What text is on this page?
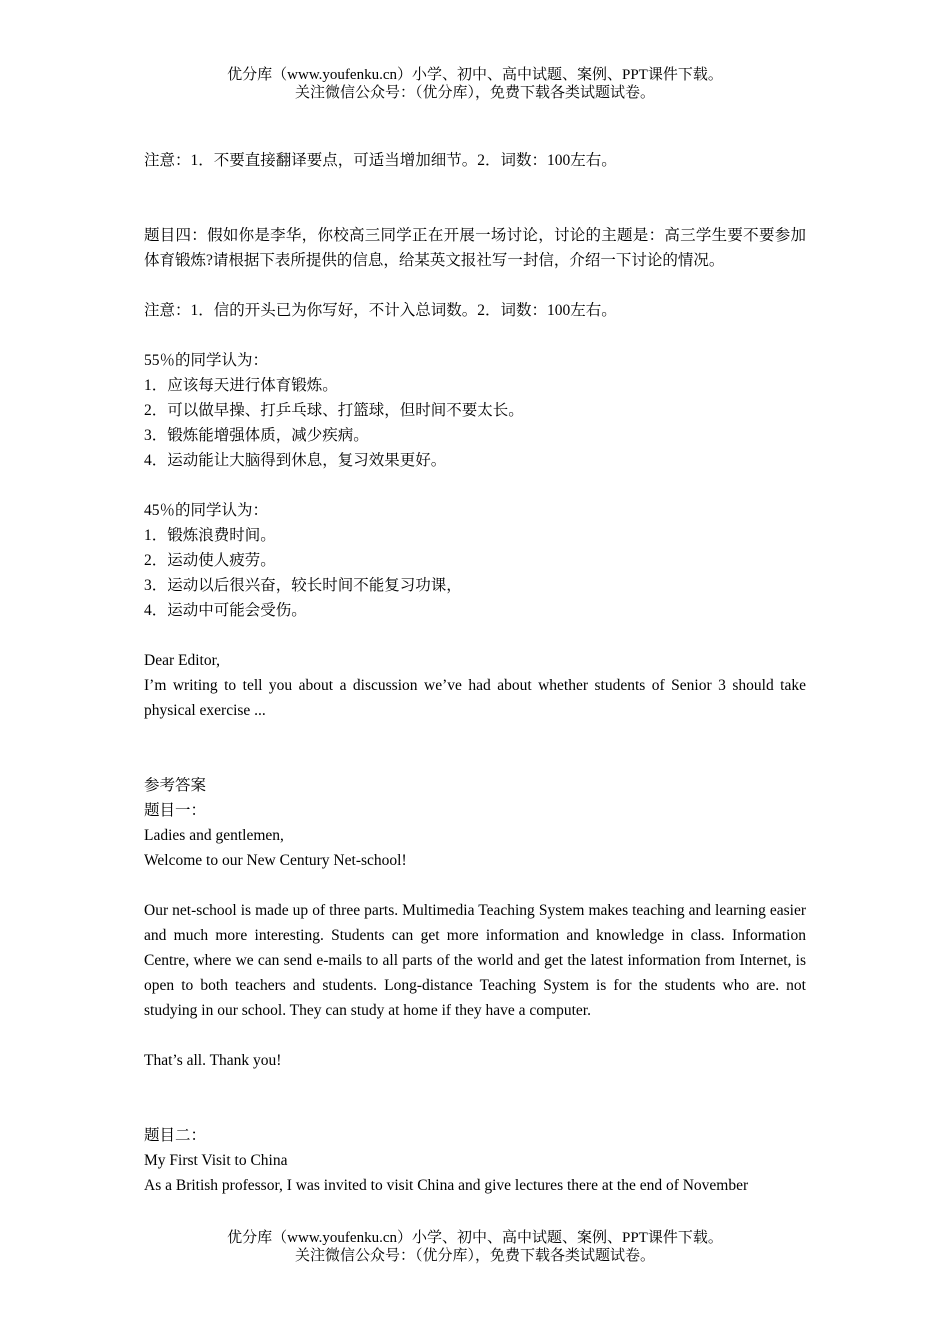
优分库（www.youfenku.cn）小学、初中、高中试题、案例、PPT课件下载。
关注微信公众号：（优分库），免费下载各类试题试卷。

注意：1．不要直接翻译要点，可适当增加细节。2．词数：100左右。

题目四：假如你是李华，你校高三同学正在开展一场讨论，讨论的主题是：高三学生要不要参加体育锻炼?请根据下表所提供的信息，给某英文报社写一封信，介绍一下讨论的情况。

注意：1．信的开头已为你写好，不计入总词数。2．词数：100左右。

55％的同学认为：

1．应该每天进行体育锻炼。

2．可以做早操、打乒乓球、打篮球，但时间不要太长。

3．锻炼能增强体质，减少疾病。

4．运动能让大脑得到休息，复习效果更好。

45％的同学认为：

1．锻炼浪费时间。

2．运动使人疲劳。

3．运动以后很兴奋，较长时间不能复习功课，

4．运动中可能会受伤。

Dear Editor,

I’m writing to tell you about a discussion we’ve had about whether students of Senior 3 should take physical exercise ...

参考答案

题目一：

Ladies and gentlemen,

Welcome to our New Century Net-school!

Our net-school is made up of three parts. Multimedia Teaching System makes teaching and learning easier and much more interesting. Students can get more information and knowledge in class. Information Centre, where we can send e-mails to all parts of the world and get the latest information from Internet, is open to both teachers and students. Long-distance Teaching System is for the students who are. not studying in our school. They can study at home if they have a computer.

That’s all. Thank you!

题目二：

My First Visit to China

As a British professor, I was invited to visit China and give lectures there at the end of November

优分库（www.youfenku.cn）小学、初中、高中试题、案例、PPT课件下载。
关注微信公众号：（优分库），免费下载各类试题试卷。
